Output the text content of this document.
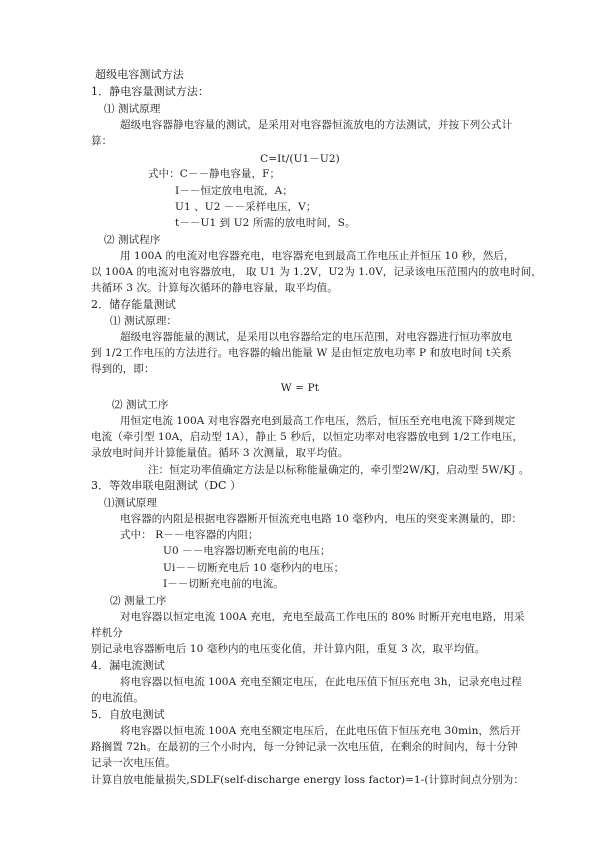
超级电容测试方法
1．静电容量测试方法：
⑴ 测试原理
超级电容器静电容量的测试，是采用对电容器恒流放电的方法测试，并按下列公式计
算：
C=It/(U1－U2)
式中：C－－静电容量，F；
I－－恒定放电电流，A；
U1 、U2 －－采样电压，V；
t－－U1 到 U2 所需的放电时间，S。
⑵ 测试程序
用 100A 的电流对电容器充电，电容器充电到最高工作电压止并恒压 10 秒，然后，
以 100A 的电流对电容器放电， 取 U1 为 1.2V，U2为 1.0V，记录该电压范围内的放电时间，
共循环 3 次。计算每次循环的静电容量，取平均值。
2．储存能量测试
⑴ 测试原理：
超级电容器能量的测试，是采用以电容器给定的电压范围，对电容器进行恒功率放电
到 1/2工作电压的方法进行。电容器的输出能量 W 是由恒定放电功率 P 和放电时间 t关系
得到的，即：
W = Pt
⑵ 测试工序
用恒定电流 100A 对电容器充电到最高工作电压，然后，恒压至充电电流下降到规定
电流（牵引型 10A，启动型 1A），静止 5 秒后，以恒定功率对电容器放电到 1/2工作电压，
录放电时间并计算能量值。循环 3 次测量，取平均值。
注：恒定功率值确定方法是以标称能量确定的，牵引型2W/KJ，启动型 5W/KJ 。
3．等效串联电阻测试（DC ）
⑴测试原理
电容器的内阻是根据电容器断开恒流充电电路 10 毫秒内，电压的突变来测量的，即：
式中： R－－电容器的内阻；
U0 －－电容器切断充电前的电压；
Ui－－切断充电后 10 毫秒内的电压；
I－－切断充电前的电流。
⑵ 测量工序
对电容器以恒定电流 100A 充电，充电至最高工作电压的 80% 时断开充电电路，用采
样机分
别记录电容器断电后 10 毫秒内的电压变化值，并计算内阻，重复 3 次，取平均值。
4．漏电流测试
将电容器以恒电流 100A 充电至额定电压，在此电压值下恒压充电 3h，记录充电过程
的电流值。
5．自放电测试
将电容器以恒电流 100A 充电至额定电压后，在此电压值下恒压充电 30min，然后开
路搁置 72h。在最初的三个小时内，每一分钟记录一次电压值，在剩余的时间内，每十分钟
记录一次电压值。
计算自放电能量损失,SDLF(self-discharge energy loss factor)=1-(计算时间点分别为：
